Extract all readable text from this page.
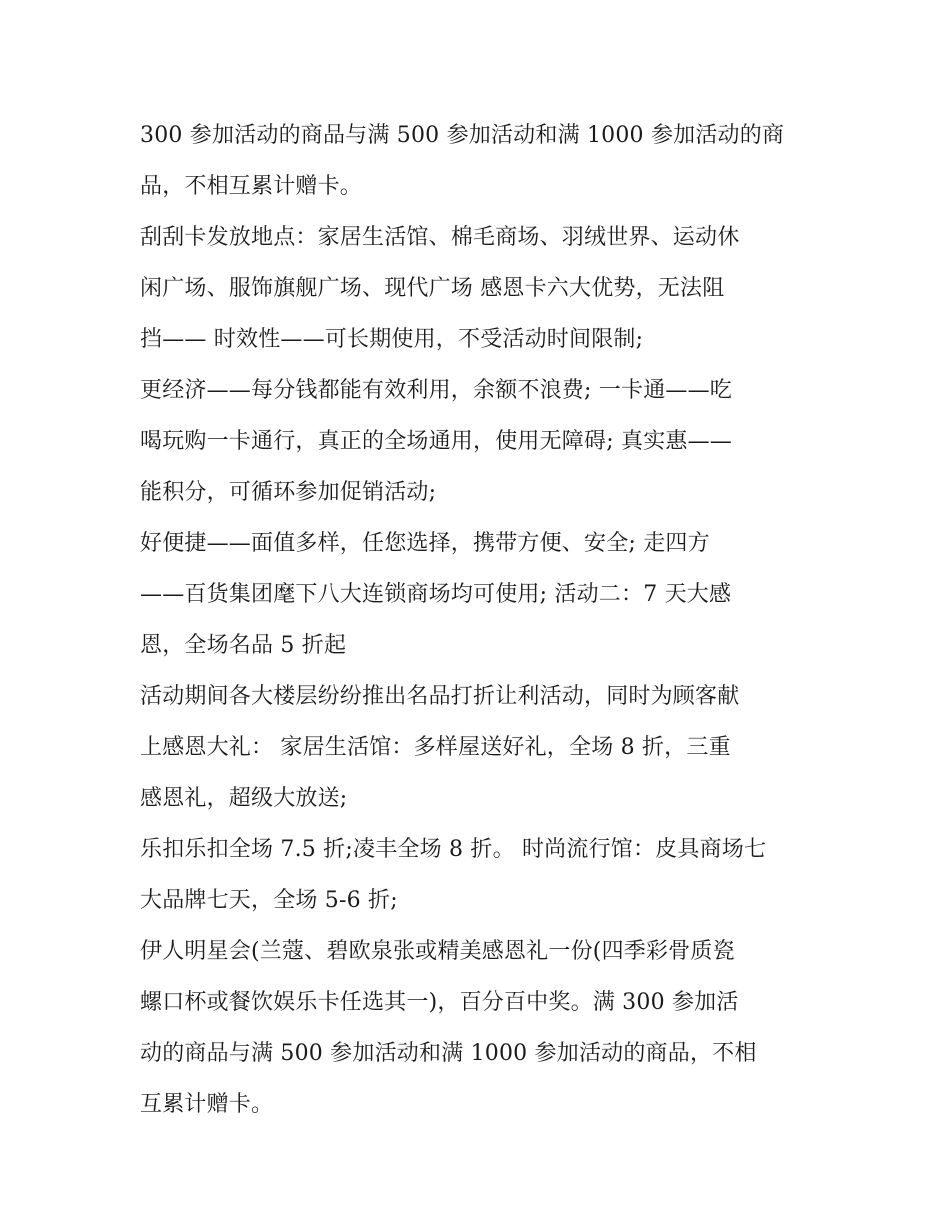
300 参加活动的商品与满 500 参加活动和满 1000 参加活动的商
品，不相互累计赠卡。
刮刮卡发放地点：家居生活馆、棉毛商场、羽绒世界、运动休
闲广场、服饰旗舰广场、现代广场 感恩卡六大优势，无法阻
挡—— 时效性——可长期使用，不受活动时间限制;
更经济——每分钱都能有效利用，余额不浪费; 一卡通——吃
喝玩购一卡通行，真正的全场通用，使用无障碍; 真实惠——
能积分，可循环参加促销活动;
好便捷——面值多样，任您选择，携带方便、安全; 走四方
——百货集团麾下八大连锁商场均可使用; 活动二：7 天大感
恩，全场名品 5 折起
活动期间各大楼层纷纷推出名品打折让利活动，同时为顾客献
上感恩大礼： 家居生活馆：多样屋送好礼，全场 8 折，三重
感恩礼，超级大放送;
乐扣乐扣全场 7.5 折;凌丰全场 8 折。 时尚流行馆：皮具商场七
大品牌七天，全场 5-6 折;
伊人明星会(兰蔻、碧欧泉张或精美感恩礼一份(四季彩骨质瓷
螺口杯或餐饮娱乐卡任选其一)，百分百中奖。满 300 参加活
动的商品与满 500 参加活动和满 1000 参加活动的商品，不相
互累计赠卡。
